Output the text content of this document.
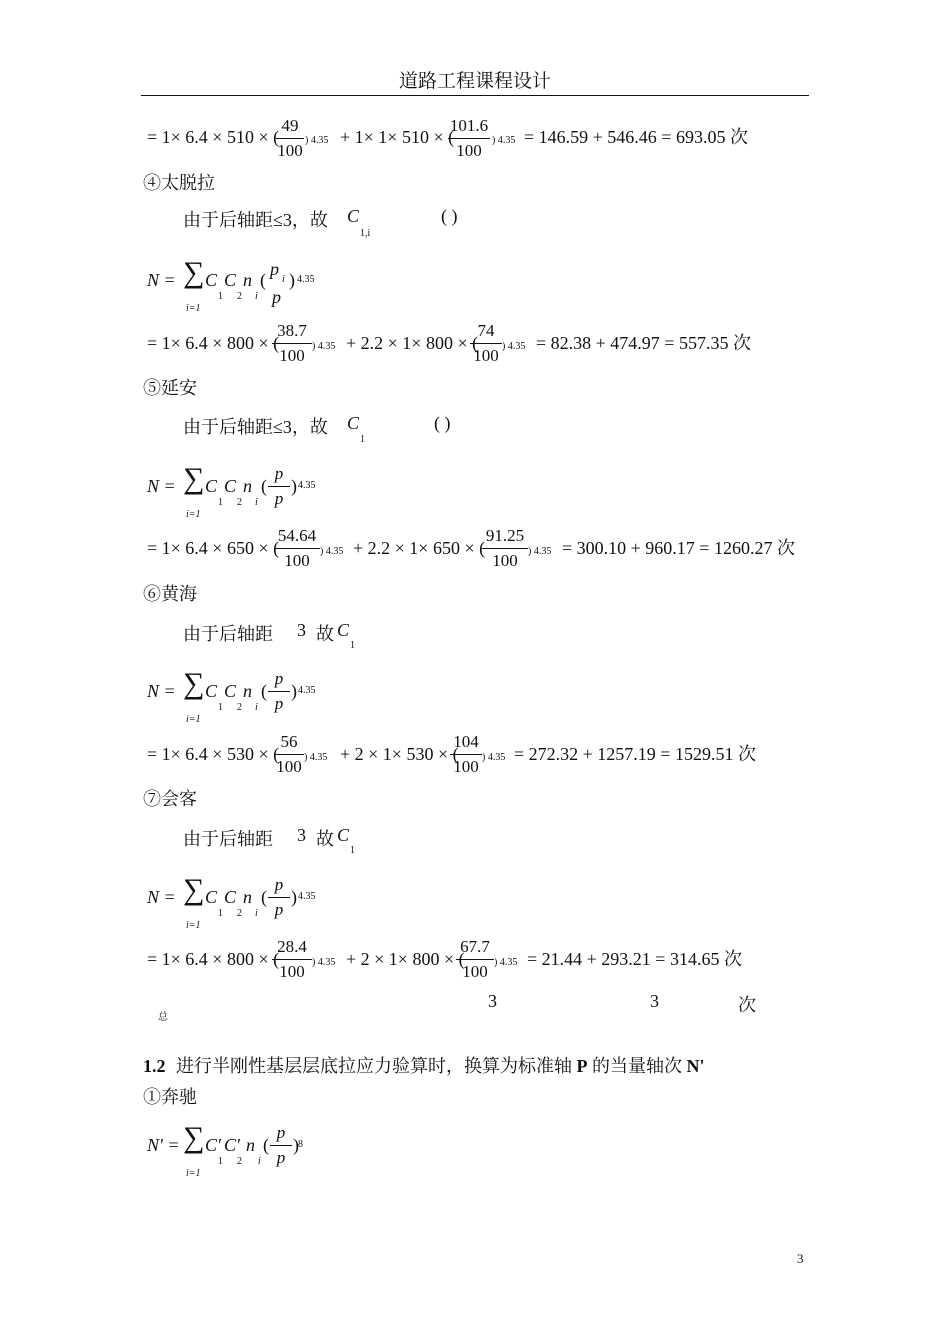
道路工程课程设计
= 1× 6.4 × 510 × (
49
100
) 4.35 + 1× 1× 510 × (
101.6
100
) 4.35 = 146.59 + 546.46 = 693.05 次
④太脱拉
由于后轴距≤3，故 C
1,i
( )
N = ∑ C
1
C
2
n
i
(
p
i
p
) 4.35
i=1
= 1× 6.4 × 800 × (
38.7
100 ) 4.35 + 2.2 × 1× 800 × (
74
100 ) 4.35 = 82.38 + 474.97 = 557.35 次
⑤延安
由于后轴距≤3，故 C
1
( )
N = ∑ C
1
C
2
n
i
(
p
p
) 4.35
i=1
= 1× 6.4 × 650 × (
54.64
100	) 4.35 + 2.2 × 1× 650 × (
91.25
100	) 4.35 = 300.10 + 960.17 = 1260.27 次
⑥黄海
由于后轴距 3 故 C
1
N = ∑ C
1
C
2
n
i
(
p
p
) 4.35
i=1
= 1× 6.4 × 530 × (
56
100 ) 4.35 + 2 × 1× 530 × (
104
100 ) 4.35 = 272.32 + 1257.19 = 1529.51 次
⑦会客
由于后轴距 3 故 C
1
N = ∑ C
1
C
2
n
i
(
p
p
) 4.35
i=1
= 1× 6.4 × 800 × (
28.4
100 ) 4.35 + 2 × 1× 800 × (
67.7
100 ) 4.35 = 21.44 + 293.21 = 314.65 次
总
3	3	次
1.2 进行半刚性基层层底拉应力验算时，换算为标准轴 P 的当量轴次 N'
①奔驰
N' = ∑ C′
1
C′
2
n
i
(
p
p
) 8
i=1
3
